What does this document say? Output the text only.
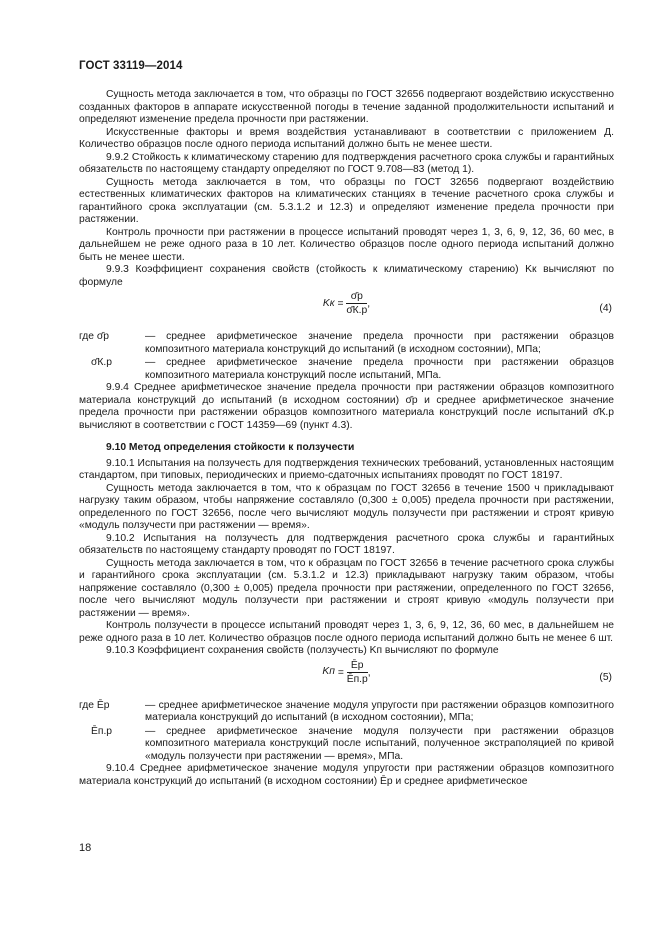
ГОСТ 33119—2014

Сущность метода заключается в том, что образцы по ГОСТ 32656 подвергают воздействию искусственно созданных факторов в аппарате искусственной погоды в течение заданной продолжительности испытаний и определяют изменение предела прочности при растяжении.

Искусственные факторы и время воздействия устанавливают в соответствии с приложением Д. Количество образцов после одного периода испытаний должно быть не менее шести.

9.9.2 Стойкость к климатическому старению для подтверждения расчетного срока службы и гарантийных обязательств по настоящему стандарту определяют по ГОСТ 9.708—83 (метод 1).

Сущность метода заключается в том, что образцы по ГОСТ 32656 подвергают воздействию естественных климатических факторов на климатических станциях в течение расчетного срока службы и гарантийного срока эксплуатации (см. 5.3.1.2 и 12.3) и определяют изменение предела прочности при растяжении.

Контроль прочности при растяжении в процессе испытаний проводят через 1, 3, 6, 9, 12, 36, 60 мес, в дальнейшем не реже одного раза в 10 лет. Количество образцов после одного периода испытаний должно быть не менее шести.

9.9.3 Коэффициент сохранения свойств (стойкость к климатическому старению) Kк вычисляют по формуле

Kк = $\frac{\sigmāр}{\sigmāК.р}$ ,	(4)
где σ̄р	— среднее арифметическое значение предела прочности при растяжении образцов композитного материала конструкций до испытаний (в исходном состоянии), МПа;
σ̄К.р	— среднее арифметическое значение предела прочности при растяжении образцов композитного материала конструкций после испытаний, МПа.

9.9.4 Среднее арифметическое значение предела прочности при растяжении образцов композитного материала конструкций до испытаний (в исходном состоянии) σ̄р и среднее арифметическое значение предела прочности при растяжении образцов композитного материала конструкций после испытаний σ̄К.р вычисляют в соответствии с ГОСТ 14359—69 (пункт 4.3).

9.10 Метод определения стойкости к ползучести

9.10.1 Испытания на ползучесть для подтверждения технических требований, установленных настоящим стандартом, при типовых, периодических и приемо-сдаточных испытаниях проводят по ГОСТ 18197.

Сущность метода заключается в том, что к образцам по ГОСТ 32656 в течение 1500 ч прикладывают нагрузку таким образом, чтобы напряжение составляло (0,300 ± 0,005) предела прочности при растяжении, определенного по ГОСТ 32656, после чего вычисляют модуль ползучести при растяжении и строят кривую «модуль ползучести при растяжении — время».

9.10.2 Испытания на ползучесть для подтверждения расчетного срока службы и гарантийных обязательств по настоящему стандарту проводят по ГОСТ 18197.

Сущность метода заключается в том, что к образцам по ГОСТ 32656 в течение расчетного срока службы и гарантийного срока эксплуатации (см. 5.3.1.2 и 12.3) прикладывают нагрузку таким образом, чтобы напряжение составляло (0,300 ± 0,005) предела прочности при растяжении, определенного по ГОСТ 32656, после чего вычисляют модуль ползучести при растяжении и строят кривую «модуль ползучести при растяжении — время».

Контроль ползучести в процессе испытаний проводят через 1, 3, 6, 9, 12, 36, 60 мес, в дальнейшем не реже одного раза в 10 лет. Количество образцов после одного периода испытаний должно быть не менее 6 шт.

9.10.3 Коэффициент сохранения свойств (ползучесть) Kп вычисляют по формуле

Kп = $\frac{Ēр}{Ēп.р}$ ,	(5)
где Ēр	— среднее арифметическое значение модуля упругости при растяжении образцов композитного материала конструкций до испытаний (в исходном состоянии), МПа;
Ēп.р	— среднее арифметическое значение модуля ползучести при растяжении образцов композитного материала конструкций после испытаний, полученное экстраполяцией по кривой «модуль ползучести при растяжении — время», МПа.

9.10.4 Среднее арифметическое значение модуля упругости при растяжении образцов композитного материала конструкций до испытаний (в исходном состоянии) Ēр и среднее арифметическое

18
